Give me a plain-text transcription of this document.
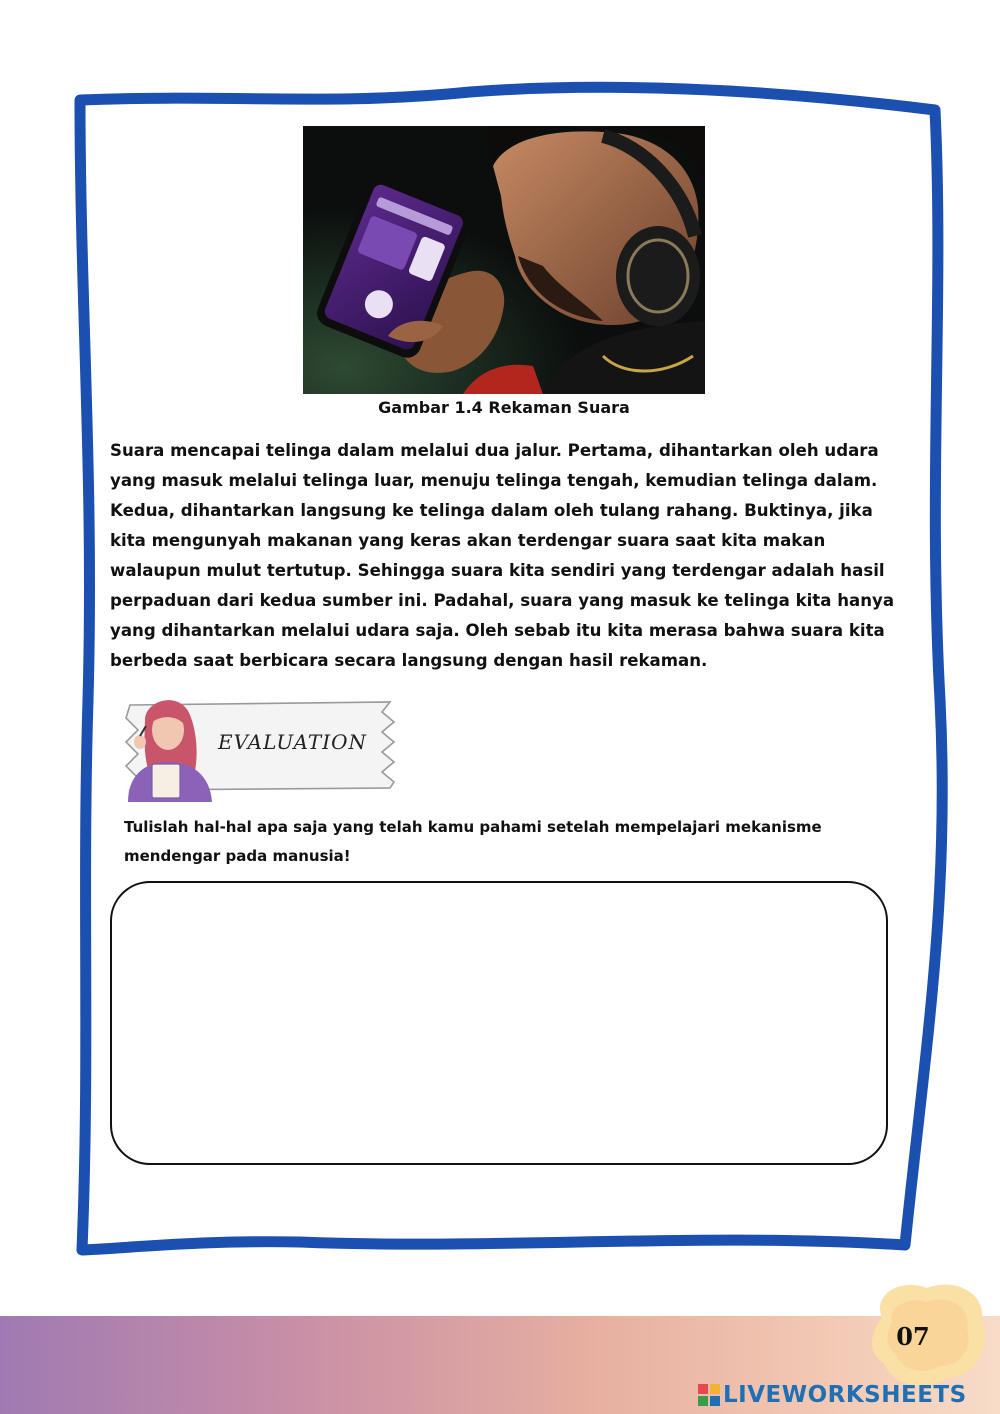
Gambar 1.4 Rekaman Suara
Suara mencapai telinga dalam melalui dua jalur. Pertama, dihantarkan oleh udara yang masuk melalui telinga luar, menuju telinga tengah, kemudian telinga dalam. Kedua, dihantarkan langsung ke telinga dalam oleh tulang rahang. Buktinya, jika kita mengunyah makanan yang keras akan terdengar suara saat kita makan walaupun mulut tertutup. Sehingga suara kita sendiri yang terdengar adalah hasil perpaduan dari kedua sumber ini. Padahal, suara yang masuk ke telinga kita hanya yang dihantarkan melalui udara saja. Oleh sebab itu kita merasa bahwa suara kita berbeda saat berbicara secara langsung dengan hasil rekaman.
EVALUATION
Tulislah hal-hal apa saja yang telah kamu pahami setelah mempelajari mekanisme mendengar pada manusia!
07
LIVEWORKSHEETS
